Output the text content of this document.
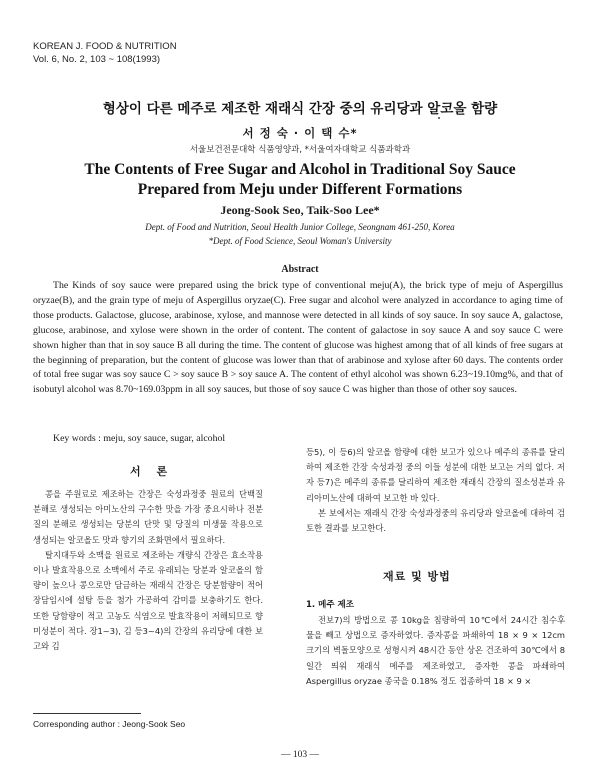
KOREAN J. FOOD & NUTRITION
Vol. 6, No. 2, 103 ~ 108(1993)
형상이 다른 메주로 제조한 재래식 간장 중의 유리당과 알코올 함량
서 정 숙 · 이 택 수*
서울보건전문대학 식품영양과, *서울여자대학교 식품과학과
The Contents of Free Sugar and Alcohol in Traditional Soy Sauce
Prepared from Meju under Different Formations
Jeong-Sook Seo, Taik-Soo Lee*
Dept. of Food and Nutrition, Seoul Health Junior College, Seongnam 461-250, Korea
*Dept. of Food Science, Seoul Woman's University
Abstract

The Kinds of soy sauce were prepared using the brick type of conventional meju(A), the brick type of meju of Aspergillus oryzae(B), and the grain type of meju of Aspergillus oryzae(C). Free sugar and alcohol were analyzed in accordance to aging time of those products. Galactose, glucose, arabinose, xylose, and mannose were detected in all kinds of soy sauce. In soy sauce A, galactose, glucose, arabinose, and xylose were shown in the order of content. The content of galactose in soy sauce A and soy sauce C were shown higher than that in soy sauce B all during the time. The content of glucose was highest among that of all kinds of free sugars at the beginning of preparation, but the content of glucose was lower than that of arabinose and xylose after 60 days. The contents order of total free sugar was soy sauce C > soy sauce B > soy sauce A. The content of ethyl alcohol was shown 6.23~19.10mg%, and that of isobutyl alcohol was 8.70~169.03ppm in all soy sauces, but those of soy sauce C was higher than those of other soy sauces.

Key words : meju, soy sauce, sugar, alcohol
서 론

콩을 주원료로 제조하는 간장은 숙성과정중 원료의 단백질 분해로 생성되는 아미노산의 구수한 맛을 가장 중요시하나 전분질의 분해로 생성되는 당분의 단맛 및 당질의 미생물 작용으로 생성되는 알코올도 맛과 향기의 조화면에서 필요하다.

탈지대두와 소맥을 원료로 제조하는 개량식 간장은 효소작용이나 발효작용으로 소맥에서 주로 유래되는 당분과 알코올의 함량이 높으나 콩으로만 담금하는 재래식 간장은 당분함량이 적어 장담임시에 설탕 등을 첨가 가공하여 감미를 보충하기도 한다. 또한 당함량이 적고 고농도 식염으로 발효작용이 저해되므로 향미성분이 적다. 장1~3), 김 등3~4)의 간장의 유리당에 대한 보고와 김

등5), 이 등6)의 알코올 함량에 대한 보고가 있으나 메주의 종류를 달리하여 제조한 간장 숙성과정 중의 이들 성분에 대한 보고는 거의 없다. 저자 등7)은 메주의 종류를 달리하여 제조한 재래식 간장의 질소성분과 유리아미노산에 대하여 보고한 바 있다.

본 보에서는 재래식 간장 숙성과정중의 유리당과 알코올에 대하여 검토한 결과를 보고한다.

재료 및 방법
1. 메주 제조

전보7)의 방법으로 콩 10kg을 침량하여 10℃에서 24시간 침수후 물을 빼고 상법으로 증자하였다. 증자콩을 파쇄하여 18 × 9 × 12cm 크기의 벽돌모양으로 성형시켜 48시간 동안 상온 건조하여 30℃에서 8일간 띄워 재래식 메주를 제조하였고, 증자한 콩을 파쇄하여 Aspergillus oryzae 종국을 0.18% 정도 접종하여 18 × 9 ×

Corresponding author : Jeong-Sook Seo
— 103 —
